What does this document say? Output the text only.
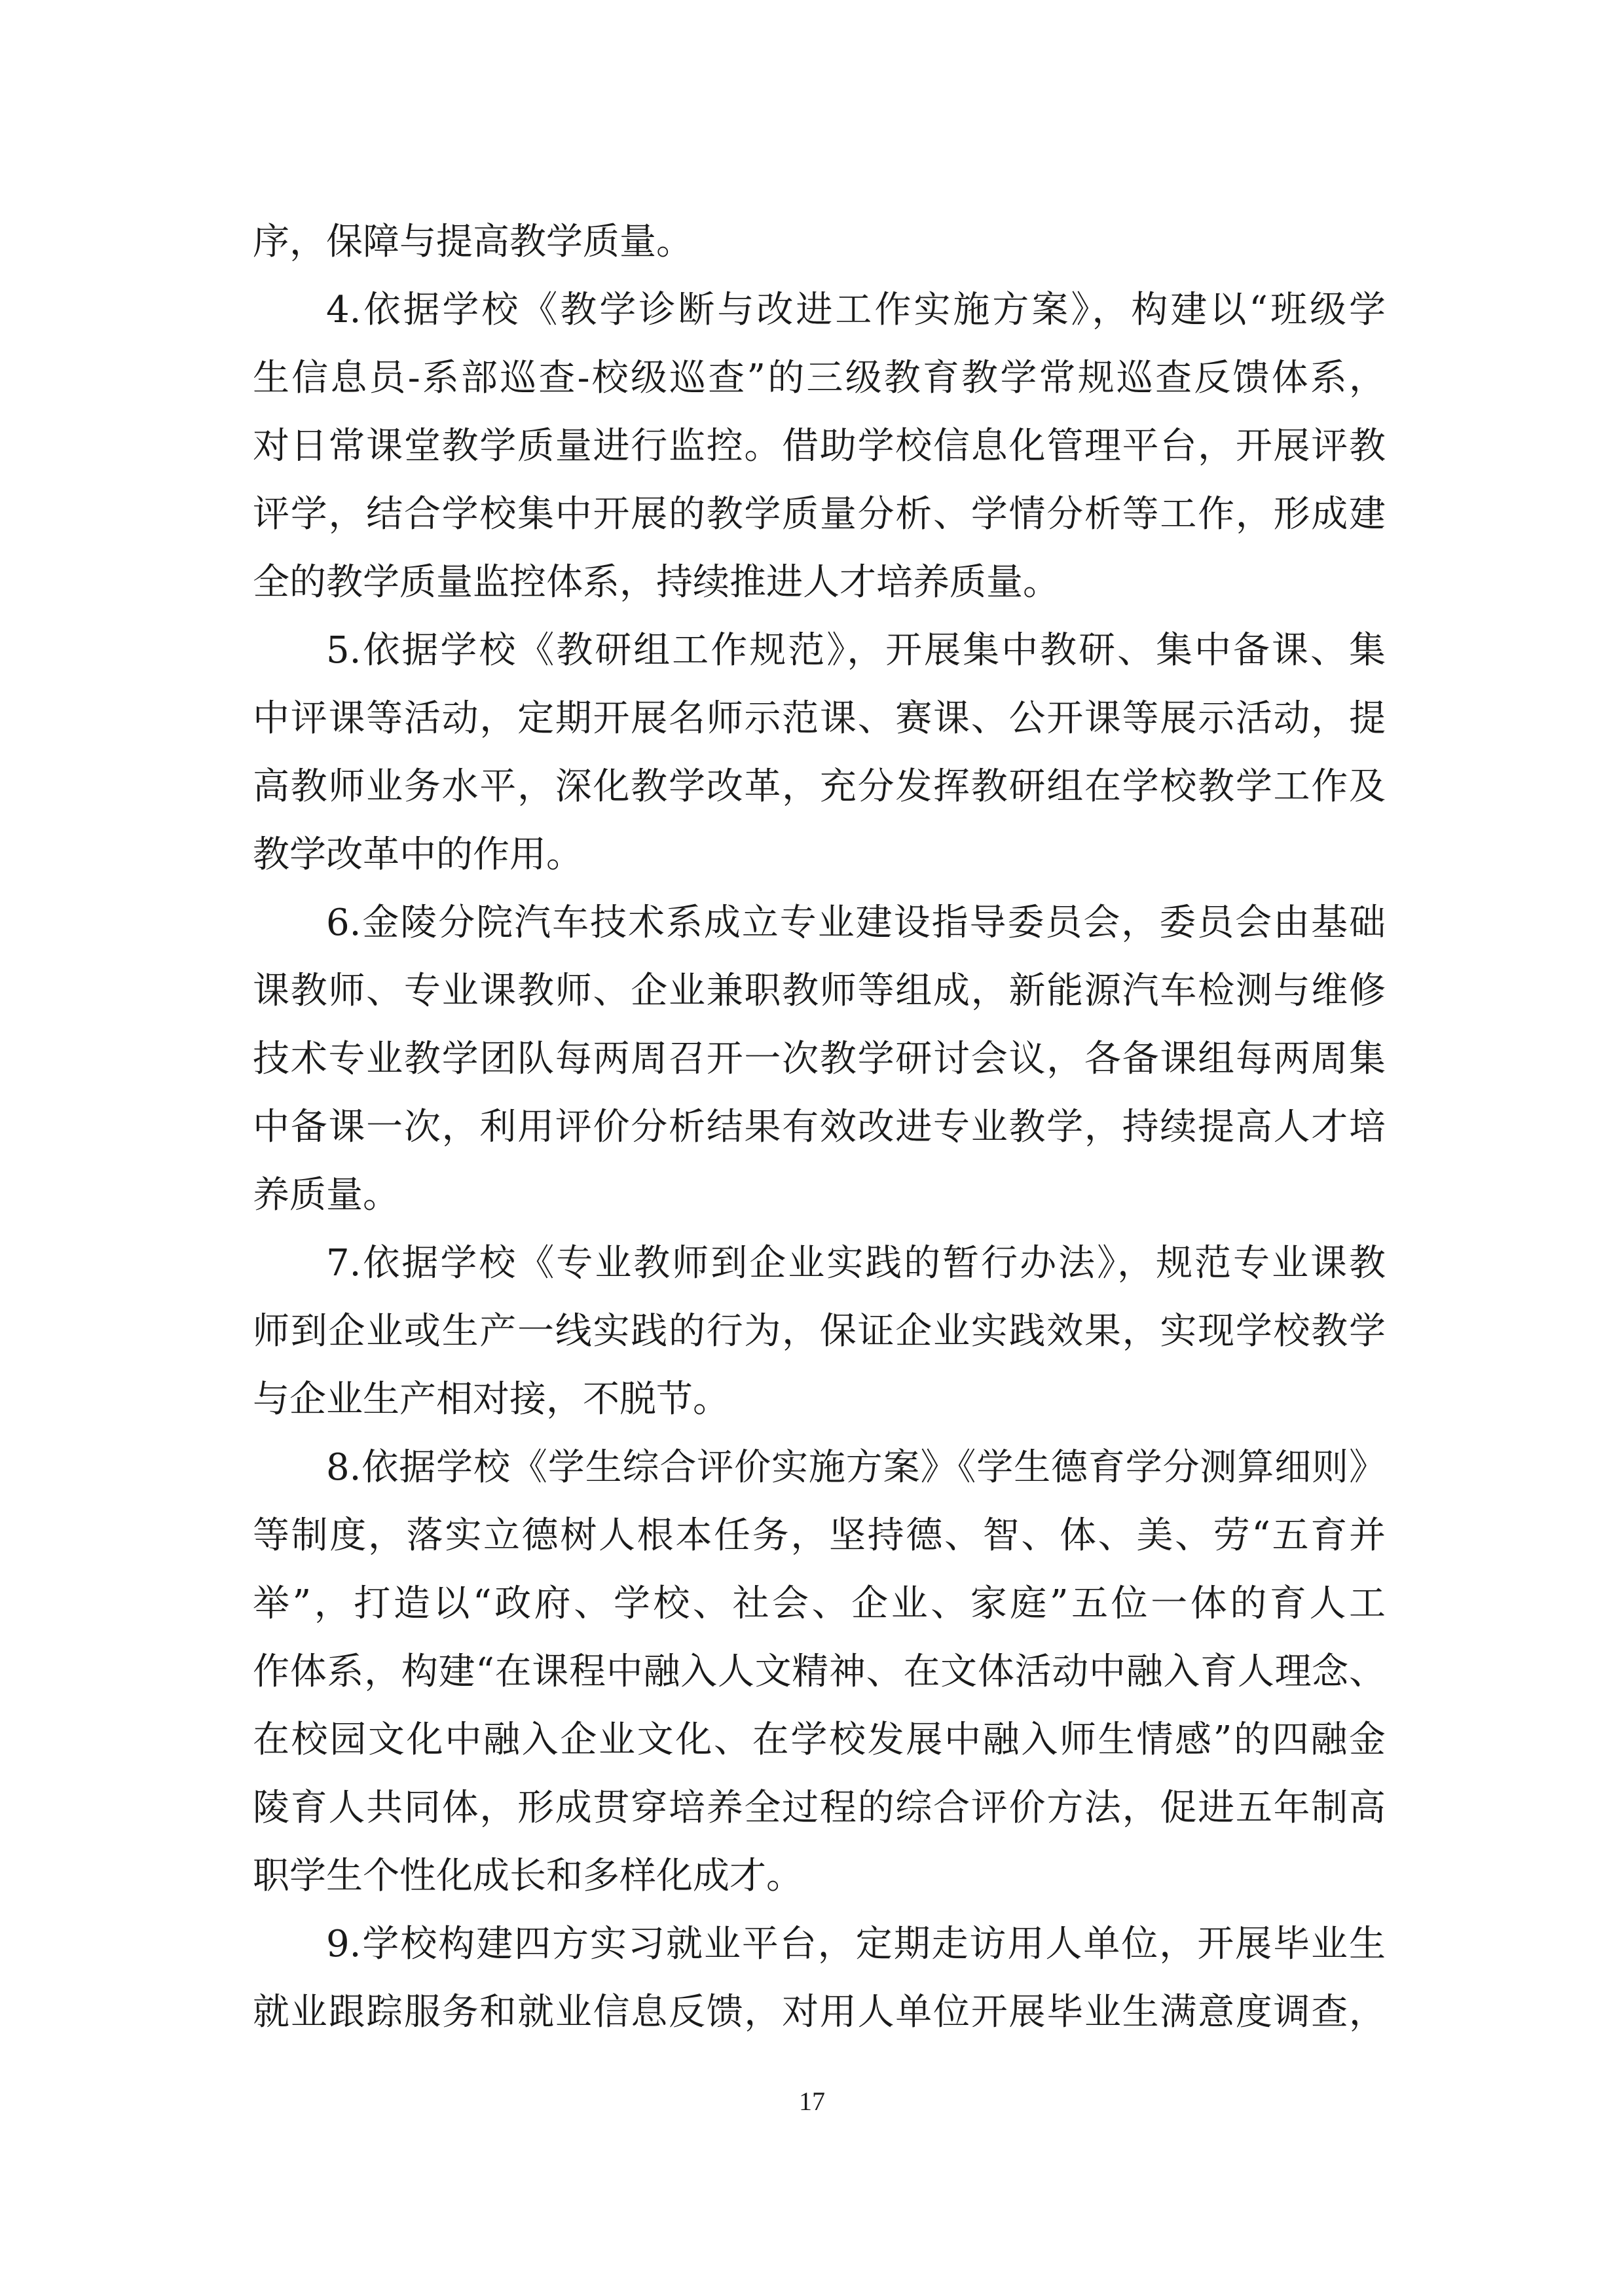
序，保障与提高教学质量。
4.依据学校《教学诊断与改进工作实施方案》，构建以“班级学
生信息员-系部巡查-校级巡查”的三级教育教学常规巡查反馈体系，
对日常课堂教学质量进行监控。借助学校信息化管理平台，开展评教
评学，结合学校集中开展的教学质量分析、学情分析等工作，形成建
全的教学质量监控体系，持续推进人才培养质量。
5.依据学校《教研组工作规范》，开展集中教研、集中备课、集
中评课等活动，定期开展名师示范课、赛课、公开课等展示活动，提
高教师业务水平，深化教学改革，充分发挥教研组在学校教学工作及
教学改革中的作用。
6.金陵分院汽车技术系成立专业建设指导委员会，委员会由基础
课教师、专业课教师、企业兼职教师等组成，新能源汽车检测与维修
技术专业教学团队每两周召开一次教学研讨会议，各备课组每两周集
中备课一次，利用评价分析结果有效改进专业教学，持续提高人才培
养质量。
7.依据学校《专业教师到企业实践的暂行办法》，规范专业课教
师到企业或生产一线实践的行为，保证企业实践效果，实现学校教学
与企业生产相对接，不脱节。
8.依据学校《学生综合评价实施方案》《学生德育学分测算细则》
等制度，落实立德树人根本任务，坚持德、智、体、美、劳“五育并
举”，打造以“政府、学校、社会、企业、家庭”五位一体的育人工
作体系，构建“在课程中融入人文精神、在文体活动中融入育人理念、
在校园文化中融入企业文化、在学校发展中融入师生情感”的四融金
陵育人共同体，形成贯穿培养全过程的综合评价方法，促进五年制高
职学生个性化成长和多样化成才。
9.学校构建四方实习就业平台，定期走访用人单位，开展毕业生
就业跟踪服务和就业信息反馈，对用人单位开展毕业生满意度调查，
17
